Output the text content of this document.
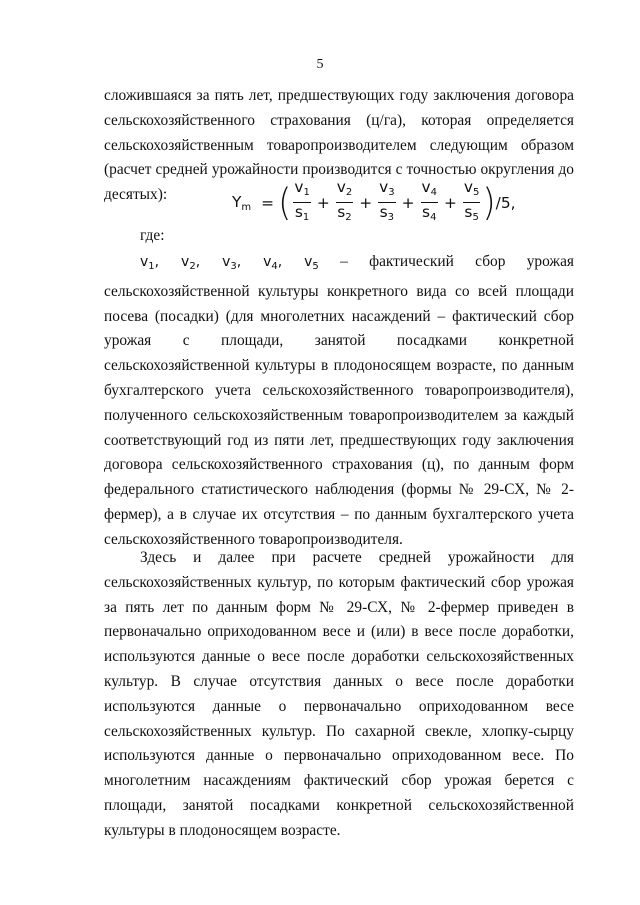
5

сложившаяся за пять лет, предшествующих году заключения договора сельскохозяйственного страхования (ц/га), которая определяется сельскохозяйственным товаропроизводителем следующим образом (расчет средней урожайности производится с точностью округления до десятых):	$Y_m$ = ( $\frac{v_1}{s_1} + \frac{v_2}{s_2} + \frac{v_3}{s_3} + \frac{v_4}{s_4} + \frac{v_5}{s_5}$ ) /5,

где:

$v_1$, $v_2$, $v_3$, $v_4$, $v_5$ – фактический сбор урожая сельскохозяйственной культуры конкретного вида со всей площади посева (посадки) (для многолетних насаждений – фактический сбор урожая с площади, занятой посадками конкретной сельскохозяйственной культуры в плодоносящем возрасте, по данным бухгалтерского учета сельскохозяйственного товаропроизводителя), полученного сельскохозяйственным товаропроизводителем за каждый соответствующий год из пяти лет, предшествующих году заключения договора сельскохозяйственного страхования (ц), по данным форм федерального статистического наблюдения (формы № 29-СХ, № 2-фермер), а в случае их отсутствия – по данным бухгалтерского учета сельскохозяйственного товаропроизводителя.

Здесь и далее при расчете средней урожайности для сельскохозяйственных культур, по которым фактический сбор урожая за пять лет по данным форм № 29-СХ, № 2-фермер приведен в первоначально оприходованном весе и (или) в весе после доработки, используются данные о весе после доработки сельскохозяйственных культур. В случае отсутствия данных о весе после доработки используются данные о первоначально оприходованном весе сельскохозяйственных культур. По сахарной свекле, хлопку-сырцу используются данные о первоначально оприходованном весе. По многолетним насаждениям фактический сбор урожая берется с площади, занятой посадками конкретной сельскохозяйственной культуры в плодоносящем возрасте.
